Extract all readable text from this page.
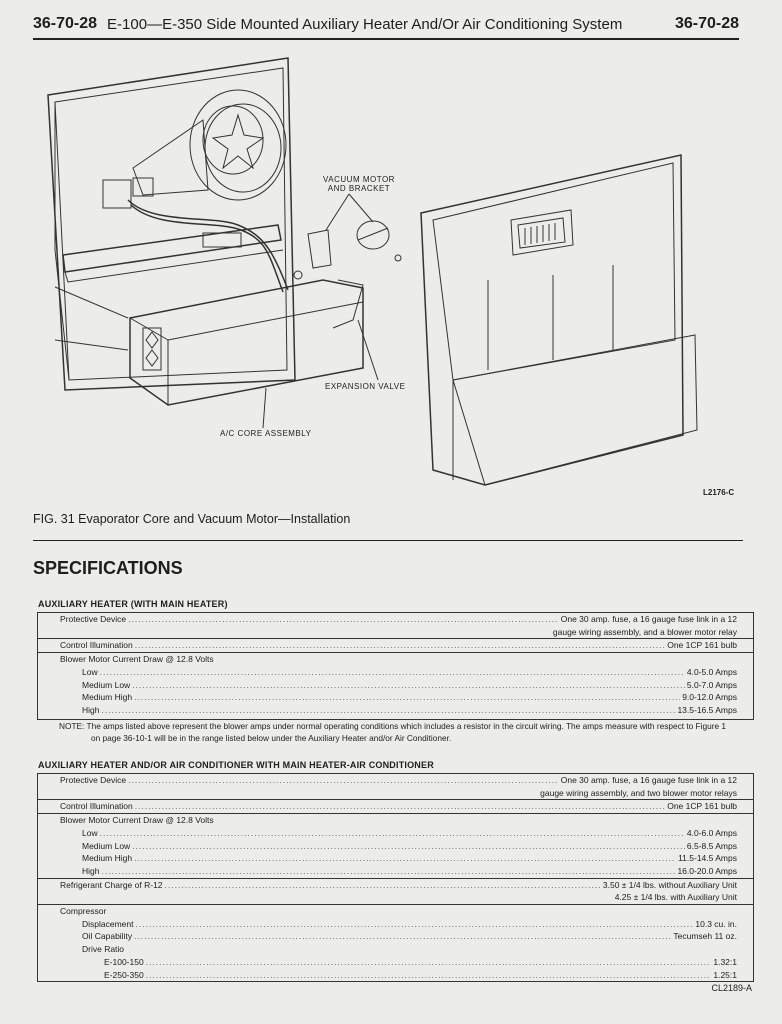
36-70-28 E-100—E-350 Side Mounted Auxiliary Heater And/Or Air Conditioning System	36-70-28
VACUUM MOTOR
AND BRACKET
EXPANSION VALVE
A/C CORE ASSEMBLY
L2176-C
FIG. 31 Evaporator Core and Vacuum Motor—Installation
SPECIFICATIONS
AUXILIARY HEATER (WITH MAIN HEATER)
Protective Device .....	One 30 amp. fuse, a 16 gauge fuse link in a 12
gauge wiring assembly, and a blower motor relay
Control Illumination .....	One 1CP 161 bulb
Blower Motor Current Draw @ 12.8 Volts
Low .....	4.0-5.0 Amps
Medium Low .....	5.0-7.0 Amps
Medium High .....	9.0-12.0 Amps
High .....	13.5-16.5 Amps
NOTE: The amps listed above represent the blower amps under normal operating conditions which includes a resistor in the circuit wiring. The amps measure with respect to Figure 1
on page 36-10-1 will be in the range listed below under the Auxiliary Heater and/or Air Conditioner.
AUXILIARY HEATER AND/OR AIR CONDITIONER WITH MAIN HEATER-AIR CONDITIONER
Protective Device .....	One 30 amp. fuse, a 16 gauge fuse link in a 12
gauge wiring assembly, and two blower motor relays
Control Illumination .....	One 1CP 161 bulb
Blower Motor Current Draw @ 12.8 Volts
Low .....	4.0-6.0 Amps
Medium Low .....	6.5-8.5 Amps
Medium High .....	11.5-14.5 Amps
High .....	16.0-20.0 Amps
Refrigerant Charge of R-12 .....	3.50 ± 1/4 lbs. without Auxiliary Unit
4.25 ± 1/4 lbs. with Auxiliary Unit
Compressor
Displacement .....	10.3 cu. in.
Oil Capability .....	Tecumseh 11 oz.
Drive Ratio
E-100-150 .....	1.32:1
E-250-350 .....	1.25:1
CL2189-A
